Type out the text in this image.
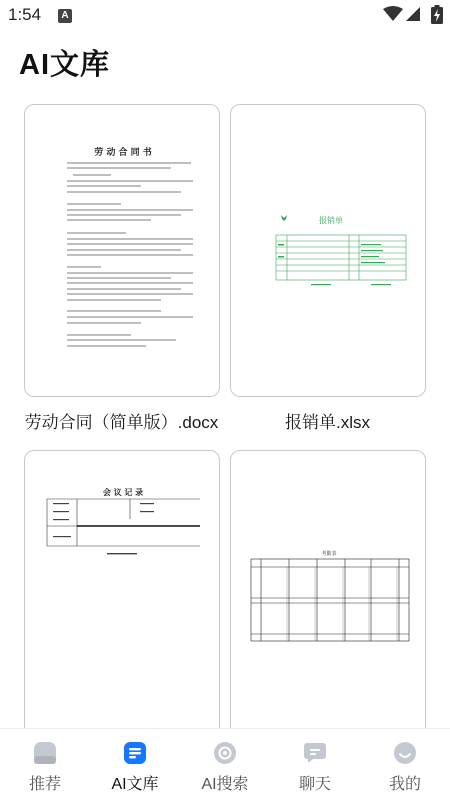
1:54	A
AI文库
劳 动 合 同 书
劳动合同（简单版）.docx
报销单
报销单.xlsx
会 议 记 录
考勤表
推荐	AI文库	AI搜索	聊天	我的
